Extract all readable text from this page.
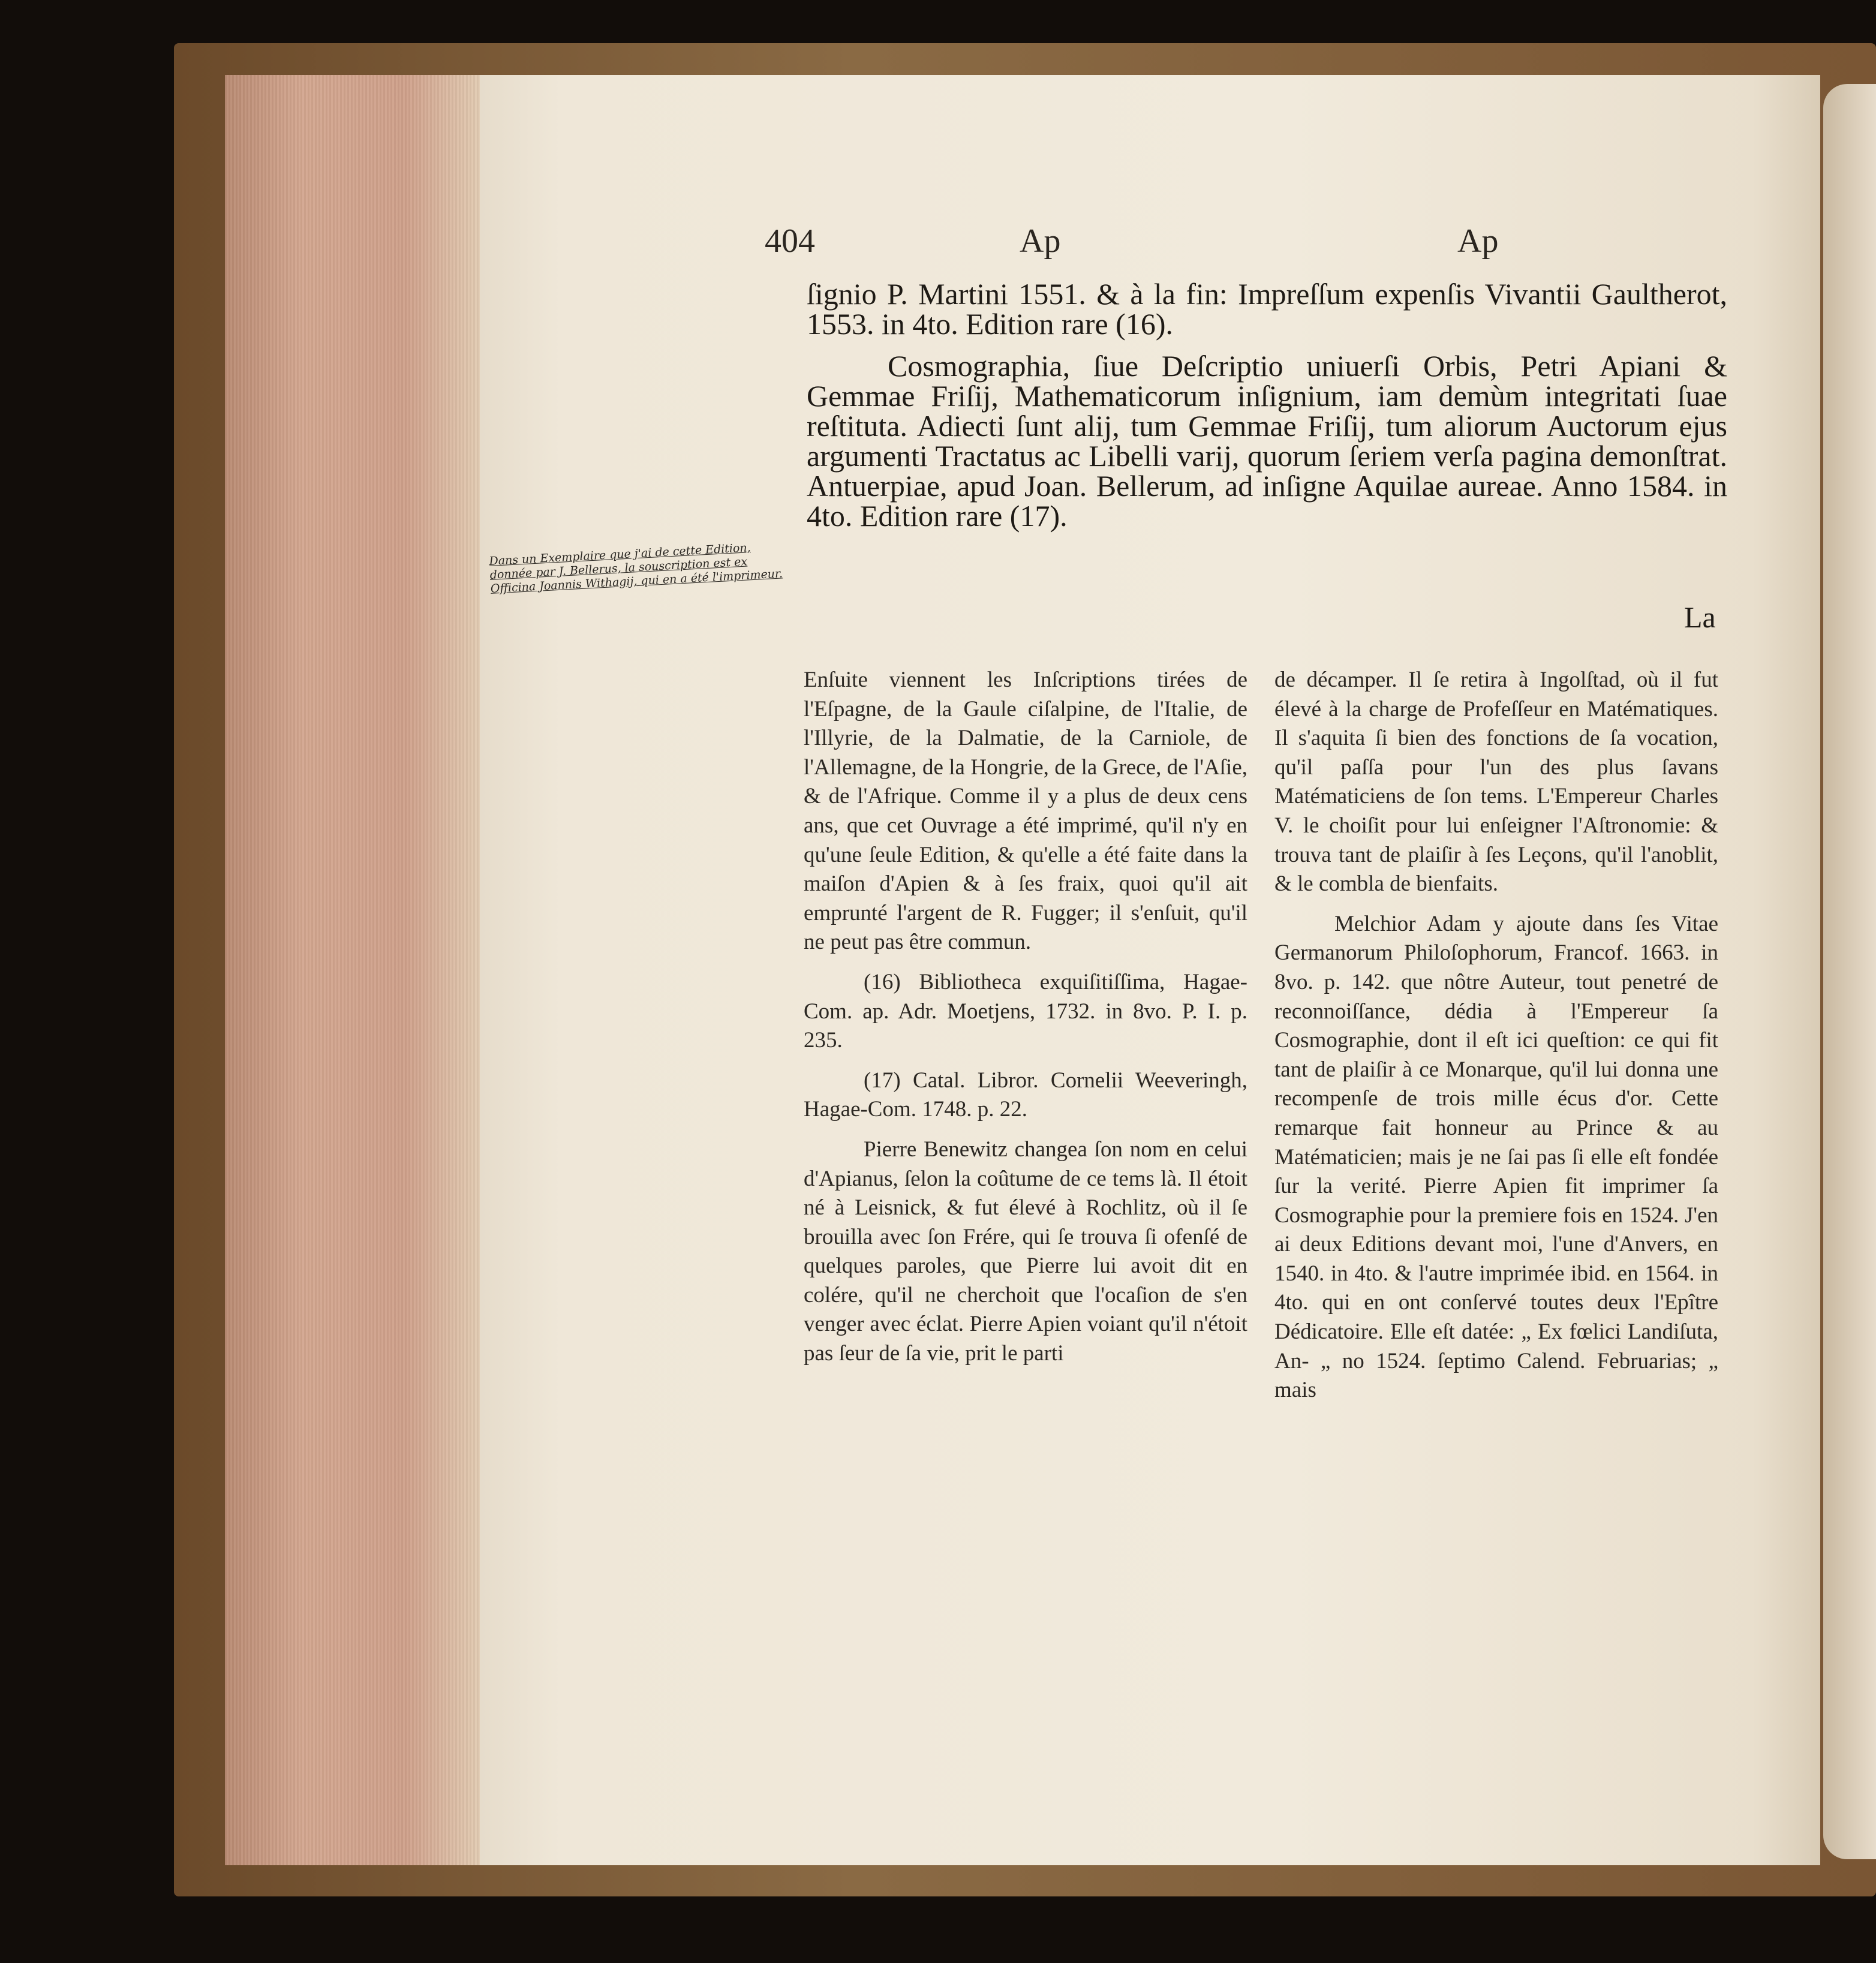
404	Ap	Ap

ſignio P. Martini 1551. & à la fin: Impreſſum expenſis Vivantii Gaultherot, 1553. in 4to. Edition rare (16).

Cosmographia, ſiue Deſcriptio uniuerſi Orbis, Petri Apiani & Gemmae Friſij, Mathematicorum inſignium, iam demùm integritati ſuae reſtituta. Adiecti ſunt alij, tum Gemmae Friſij, tum aliorum Auctorum ejus argumenti Tractatus ac Libelli varij, quorum ſeriem verſa pagina demonſtrat. Antuerpiae, apud Joan. Bellerum, ad inſigne Aquilae aureae. Anno 1584. in 4to. Edition rare (17).

La
Dans un Exemplaire que j'ai de cette Edition, donnée par J. Bellerus, la souscription est ex Officina Joannis Withagij, qui en a été l'imprimeur.

Enſuite viennent les Inſcriptions tirées de l'Eſpagne, de la Gaule ciſalpine, de l'Italie, de l'Illyrie, de la Dalmatie, de la Carniole, de l'Allemagne, de la Hongrie, de la Grece, de l'Aſie, & de l'Afrique. Comme il y a plus de deux cens ans, que cet Ouvrage a été imprimé, qu'il n'y en qu'une ſeule Edition, & qu'elle a été faite dans la maiſon d'Apien & à ſes fraix, quoi qu'il ait emprunté l'argent de R. Fugger; il s'enſuit, qu'il ne peut pas être commun.

(16) Bibliotheca exquiſitiſſima, Hagae-Com. ap. Adr. Moetjens, 1732. in 8vo. P. I. p. 235.

(17) Catal. Libror. Cornelii Weeveringh, Hagae-Com. 1748. p. 22.

Pierre Benewitz changea ſon nom en celui d'Apianus, ſelon la coûtume de ce tems là. Il étoit né à Leisnick, & fut élevé à Rochlitz, où il ſe brouilla avec ſon Frére, qui ſe trouva ſi ofenſé de quelques paroles, que Pierre lui avoit dit en colére, qu'il ne cherchoit que l'ocaſion de s'en venger avec éclat. Pierre Apien voiant qu'il n'étoit pas ſeur de ſa vie, prit le parti

de décamper. Il ſe retira à Ingolſtad, où il fut élevé à la charge de Profeſſeur en Matématiques. Il s'aquita ſi bien des fonctions de ſa vocation, qu'il paſſa pour l'un des plus ſavans Matématiciens de ſon tems. L'Empereur Charles V. le choiſit pour lui enſeigner l'Aſtronomie: & trouva tant de plaiſir à ſes Leçons, qu'il l'anoblit, & le combla de bienfaits.

Melchior Adam y ajoute dans ſes Vitae Germanorum Philoſophorum, Francof. 1663. in 8vo. p. 142. que nôtre Auteur, tout penetré de reconnoiſſance, dédia à l'Empereur ſa Cosmographie, dont il eſt ici queſtion: ce qui fit tant de plaiſir à ce Monarque, qu'il lui donna une recompenſe de trois mille écus d'or. Cette remarque fait honneur au Prince & au Matématicien; mais je ne ſai pas ſi elle eſt fondée ſur la verité. Pierre Apien fit imprimer ſa Cosmographie pour la premiere fois en 1524. J'en ai deux Editions devant moi, l'une d'Anvers, en 1540. in 4to. & l'autre imprimée ibid. en 1564. in 4to. qui en ont conſervé toutes deux l'Epître Dédicatoire. Elle eſt datée: „ Ex fœlici Landiſuta, An- „ no 1524. ſeptimo Calend. Februarias; „ mais
